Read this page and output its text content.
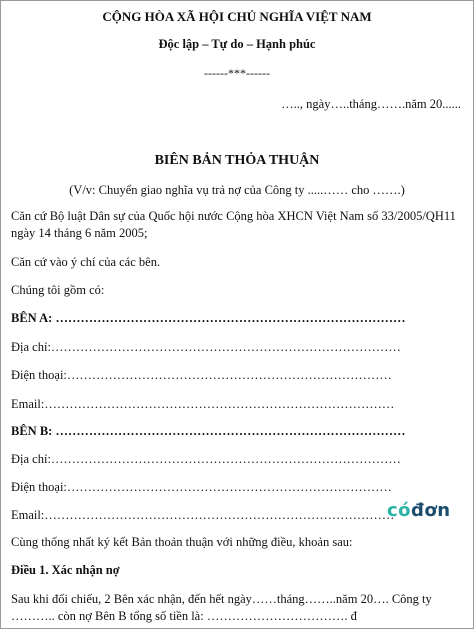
CỘNG HÒA XÃ HỘI CHỦ NGHĨA VIỆT NAM
Độc lập – Tự do – Hạnh phúc
------***------
….., ngày…..tháng…….năm 20......
BIÊN BẢN THỎA THUẬN
(V/v: Chuyển giao nghĩa vụ trả nợ của Công ty .....…… cho …….)
Căn cứ Bộ luật Dân sự của Quốc hội nước Cộng hòa XHCN Việt Nam số 33/2005/QH11
ngày 14 tháng 6 năm 2005;
Căn cứ vào ý chí của các bên.
Chúng tôi gồm có:
BÊN A: …………………………………………………………………………
Địa chỉ:…………………………………………………………………………
Điện thoại:……………………………………………………………………
Email:…………………………………………………………………………
BÊN B: …………………………………………………………………………
Địa chỉ:…………………………………………………………………………
Điện thoại:……………………………………………………………………
Email:…………………………………………………………………………
cóđơn
Cùng thống nhất ký kết Bản thoản thuận với những điều, khoản sau:
Điều 1. Xác nhận nợ
Sau khi đối chiếu, 2 Bên xác nhận, đến hết ngày……tháng……..năm 20…. Công ty
……….. còn nợ Bên B tổng số tiền là: ……………………………. đ
